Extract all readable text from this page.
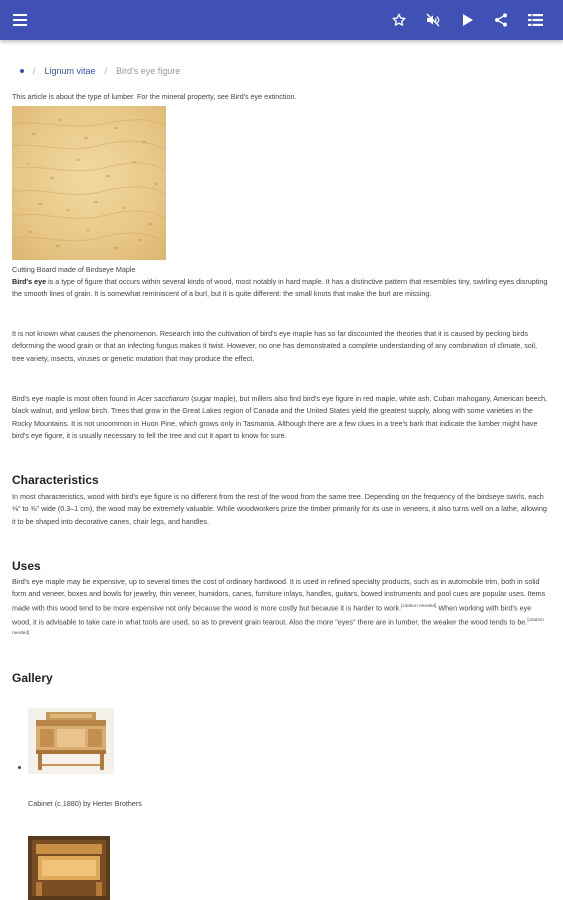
/ Lignum vitae / Bird's eye figure
This article is about the type of lumber. For the mineral property, see Bird's eye extinction.
Cutting Board made of Birdseye Maple

Bird's eye is a type of figure that occurs within several kinds of wood, most notably in hard maple. It has a distinctive pattern that resembles tiny, swirling eyes disrupting the smooth lines of grain. It is somewhat reminiscent of a burl, but it is quite different: the small knots that make the burl are missing.

It is not known what causes the phenomenon. Research into the cultivation of bird's eye maple has so far discounted the theories that it is caused by pecking birds deforming the wood grain or that an infecting fungus makes it twist. However, no one has demonstrated a complete understanding of any combination of climate, soil, tree variety, insects, viruses or genetic mutation that may produce the effect.

Bird's eye maple is most often found in Acer saccharum (sugar maple), but millers also find bird's eye figure in red maple, white ash, Cuban mahogany, American beech, black walnut, and yellow birch. Trees that grow in the Great Lakes region of Canada and the United States yield the greatest supply, along with some varieties in the Rocky Mountains. It is not uncommon in Huon Pine, which grows only in Tasmania. Although there are a few clues in a tree's bark that indicate the lumber might have bird's eye figure, it is usually necessary to fell the tree and cut it apart to know for sure.

Characteristics

In most characteristics, wood with bird's eye figure is no different from the rest of the wood from the same tree. Depending on the frequency of the birdseye swirls, each ⅛" to ⅜" wide (0.3–1 cm), the wood may be extremely valuable. While woodworkers prize the timber primarily for its use in veneers, it also turns well on a lathe, allowing it to be shaped into decorative canes, chair legs, and handles.

Uses

Bird's eye maple may be expensive, up to several times the cost of ordinary hardwood. It is used in refined specialty products, such as in automobile trim, both in solid form and veneer, boxes and bowls for jewelry, thin veneer, humidors, canes, furniture inlays, handles, guitars, bowed instruments and pool cues are popular uses. Items made with this wood tend to be more expensive not only because the wood is more costly but because it is harder to work.[citation needed] When working with bird's eye wood, it is advisable to take care in what tools are used, so as to prevent grain tearout. Also the more "eyes" there are in lumber, the weaker the wood tends to be.[citation needed]

Gallery
Cabinet (c.1880) by Herter Brothers
